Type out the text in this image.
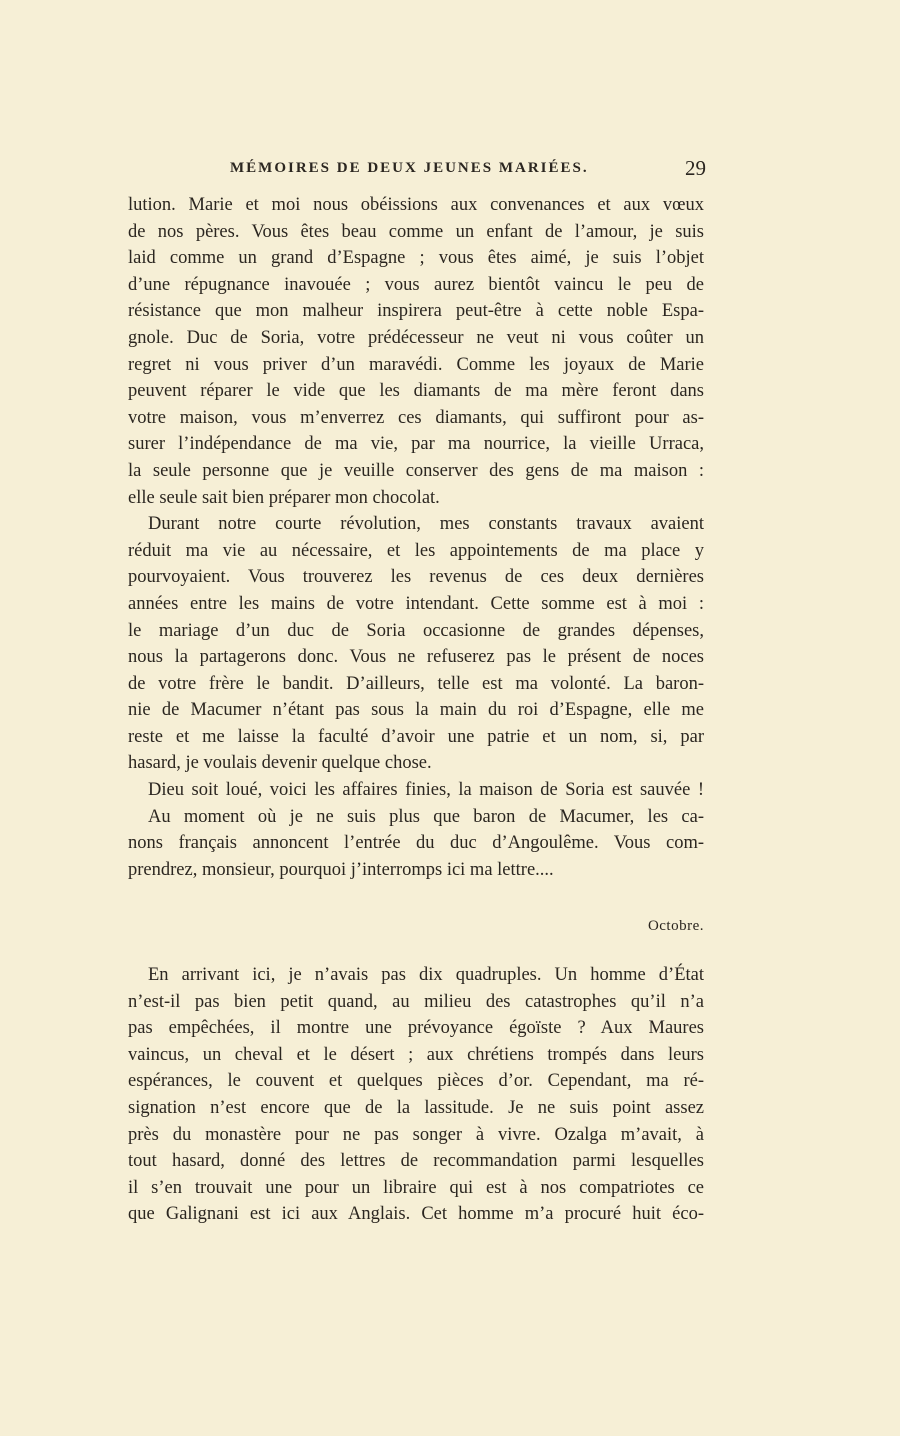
MÉMOIRES DE DEUX JEUNES MARIÉES.	29
lution. Marie et moi nous obéissions aux convenances et aux vœux
de nos pères. Vous êtes beau comme un enfant de l’amour, je suis
laid comme un grand d’Espagne ; vous êtes aimé, je suis l’objet
d’une répugnance inavouée ; vous aurez bientôt vaincu le peu de
résistance que mon malheur inspirera peut-être à cette noble Espa-
gnole. Duc de Soria, votre prédécesseur ne veut ni vous coûter un
regret ni vous priver d’un maravédi. Comme les joyaux de Marie
peuvent réparer le vide que les diamants de ma mère feront dans
votre maison, vous m’enverrez ces diamants, qui suffiront pour as-
surer l’indépendance de ma vie, par ma nourrice, la vieille Urraca,
la seule personne que je veuille conserver des gens de ma maison :
elle seule sait bien préparer mon chocolat.
Durant notre courte révolution, mes constants travaux avaient
réduit ma vie au nécessaire, et les appointements de ma place y
pourvoyaient. Vous trouverez les revenus de ces deux dernières
années entre les mains de votre intendant. Cette somme est à moi :
le mariage d’un duc de Soria occasionne de grandes dépenses,
nous la partagerons donc. Vous ne refuserez pas le présent de noces
de votre frère le bandit. D’ailleurs, telle est ma volonté. La baron-
nie de Macumer n’étant pas sous la main du roi d’Espagne, elle me
reste et me laisse la faculté d’avoir une patrie et un nom, si, par
hasard, je voulais devenir quelque chose.
Dieu soit loué, voici les affaires finies, la maison de Soria est sauvée !
Au moment où je ne suis plus que baron de Macumer, les ca-
nons français annoncent l’entrée du duc d’Angoulême. Vous com-
prendrez, monsieur, pourquoi j’interromps ici ma lettre....
Octobre.
En arrivant ici, je n’avais pas dix quadruples. Un homme d’État
n’est-il pas bien petit quand, au milieu des catastrophes qu’il n’a
pas empêchées, il montre une prévoyance égoïste ? Aux Maures
vaincus, un cheval et le désert ; aux chrétiens trompés dans leurs
espérances, le couvent et quelques pièces d’or. Cependant, ma ré-
signation n’est encore que de la lassitude. Je ne suis point assez
près du monastère pour ne pas songer à vivre. Ozalga m’avait, à
tout hasard, donné des lettres de recommandation parmi lesquelles
il s’en trouvait une pour un libraire qui est à nos compatriotes ce
que Galignani est ici aux Anglais. Cet homme m’a procuré huit éco-
